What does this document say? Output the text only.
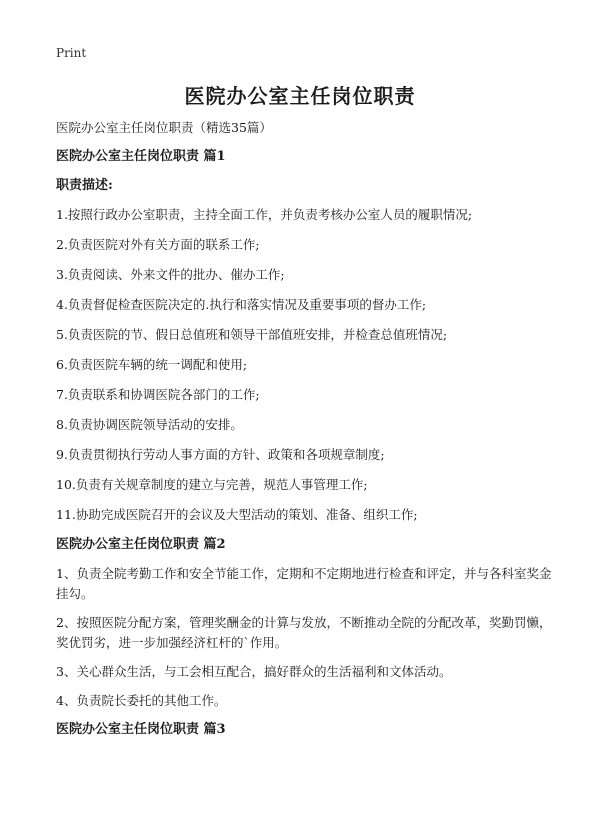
Print
医院办公室主任岗位职责

医院办公室主任岗位职责（精选35篇）

医院办公室主任岗位职责 篇1

职责描述:

1.按照行政办公室职责，主持全面工作，并负责考核办公室人员的履职情况;

2.负责医院对外有关方面的联系工作;

3.负责阅读、外来文件的批办、催办工作;

4.负责督促检查医院决定的.执行和落实情况及重要事项的督办工作;

5.负责医院的节、假日总值班和领导干部值班安排，并检查总值班情况;

6.负责医院车辆的统一调配和使用;

7.负责联系和协调医院各部门的工作;

8.负责协调医院领导活动的安排。

9.负责贯彻执行劳动人事方面的方针、政策和各项规章制度;

10.负责有关规章制度的建立与完善，规范人事管理工作;

11.协助完成医院召开的会议及大型活动的策划、准备、组织工作;

医院办公室主任岗位职责 篇2

1、负责全院考勤工作和安全节能工作，定期和不定期地进行检查和评定，并与各科室奖金挂勾。

2、按照医院分配方案，管理奖酬金的计算与发放，不断推动全院的分配改革，奖勤罚懒，奖优罚劣，进一步加强经济杠杆的`作用。

3、关心群众生活，与工会相互配合，搞好群众的生活福利和文体活动。

4、负责院长委托的其他工作。

医院办公室主任岗位职责 篇3
